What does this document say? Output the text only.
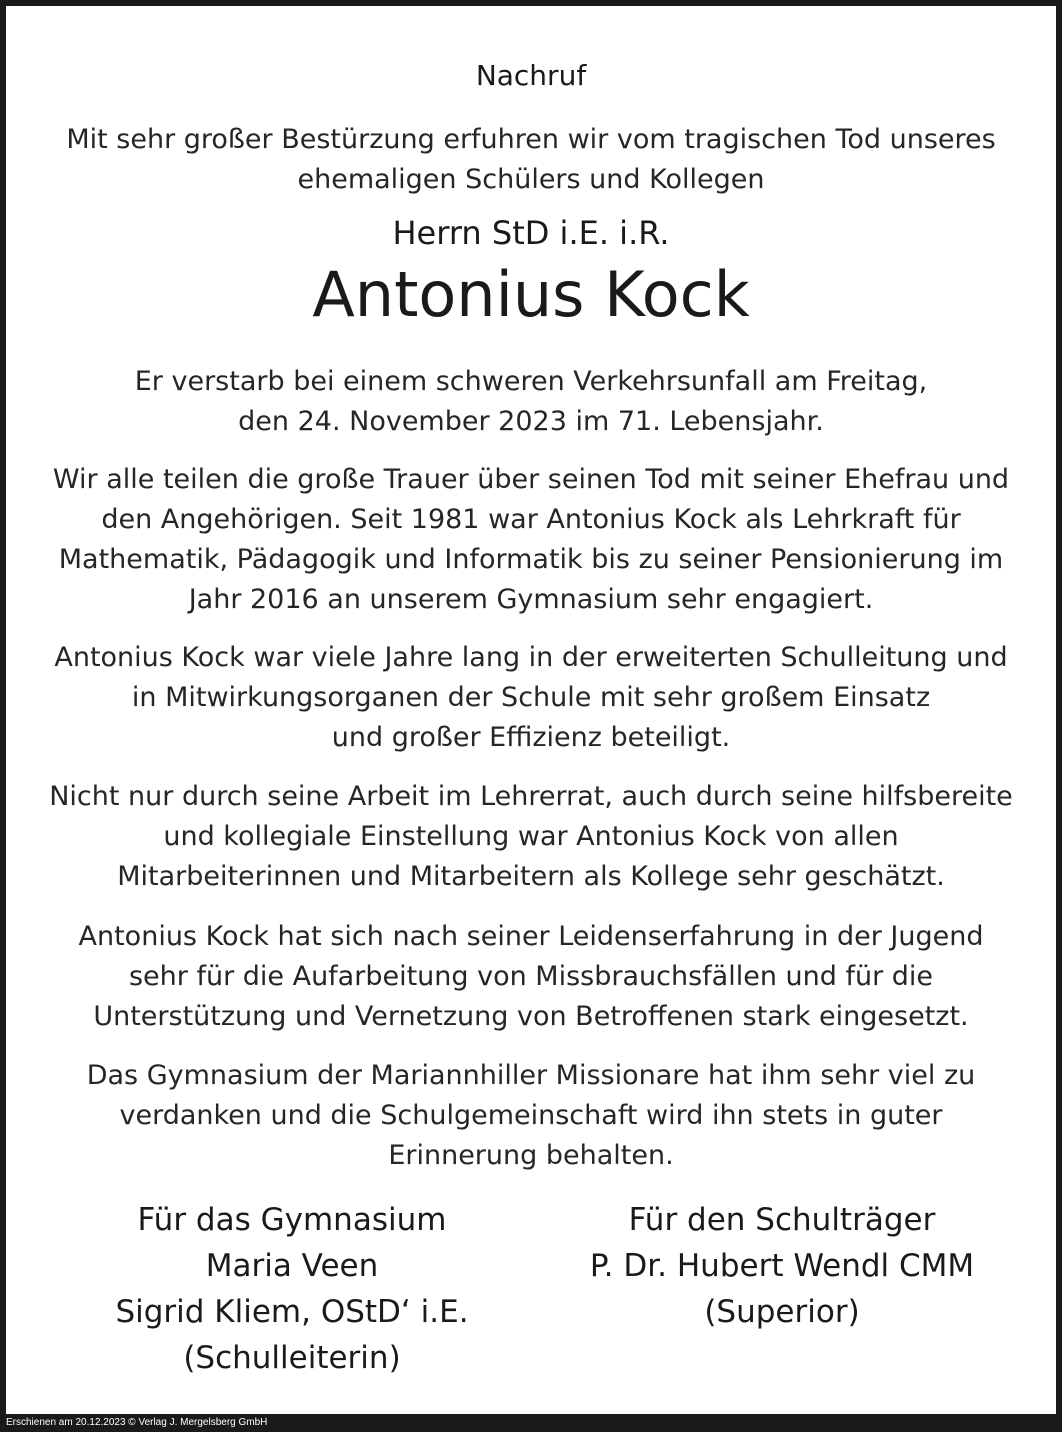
Nachruf
Mit sehr großer Bestürzung erfuhren wir vom tragischen Tod unseres
ehemaligen Schülers und Kollegen
Herrn StD i.E. i.R.
Antonius Kock
Er verstarb bei einem schweren Verkehrsunfall am Freitag,
den 24. November 2023 im 71. Lebensjahr.
Wir alle teilen die große Trauer über seinen Tod mit seiner Ehefrau und
den Angehörigen. Seit 1981 war Antonius Kock als Lehrkraft für
Mathematik, Pädagogik und Informatik bis zu seiner Pensionierung im
Jahr 2016 an unserem Gymnasium sehr engagiert.
Antonius Kock war viele Jahre lang in der erweiterten Schulleitung und
in Mitwirkungsorganen der Schule mit sehr großem Einsatz
und großer Effizienz beteiligt.
Nicht nur durch seine Arbeit im Lehrerrat, auch durch seine hilfsbereite
und kollegiale Einstellung war Antonius Kock von allen
Mitarbeiterinnen und Mitarbeitern als Kollege sehr geschätzt.
Antonius Kock hat sich nach seiner Leidenserfahrung in der Jugend
sehr für die Aufarbeitung von Missbrauchsfällen und für die
Unterstützung und Vernetzung von Betroffenen stark eingesetzt.
Das Gymnasium der Mariannhiller Missionare hat ihm sehr viel zu
verdanken und die Schulgemeinschaft wird ihn stets in guter
Erinnerung behalten.
Für das Gymnasium
Maria Veen
Sigrid Kliem, OStD‘ i.E.
(Schulleiterin)
Für den Schulträger
P. Dr. Hubert Wendl CMM
(Superior)
Erschienen am 20.12.2023 © Verlag J. Mergelsberg GmbH
